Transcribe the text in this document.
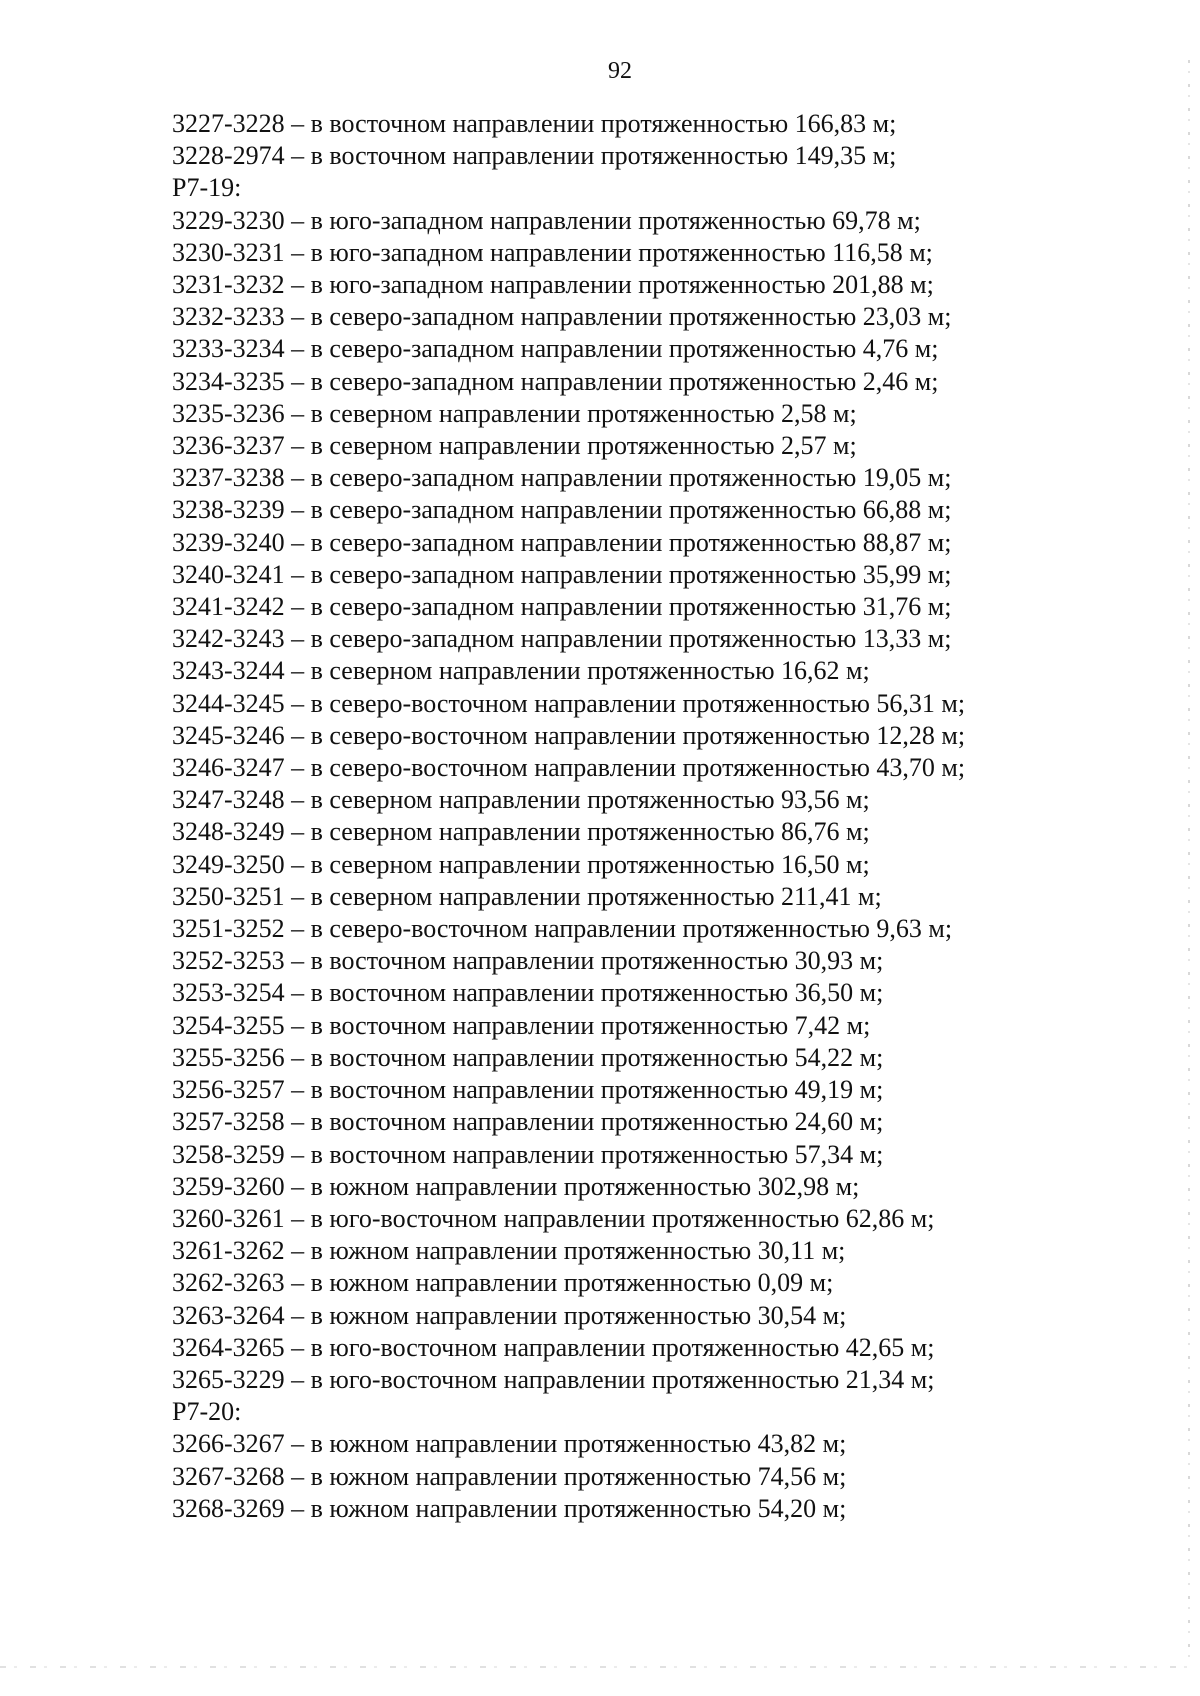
92
3227-3228 – в восточном направлении протяженностью 166,83 м;
3228-2974 – в восточном направлении протяженностью 149,35 м;
Р7-19:
3229-3230 – в юго-западном направлении протяженностью 69,78 м;
3230-3231 – в юго-западном направлении протяженностью 116,58 м;
3231-3232 – в юго-западном направлении протяженностью 201,88 м;
3232-3233 – в северо-западном направлении протяженностью 23,03 м;
3233-3234 – в северо-западном направлении протяженностью 4,76 м;
3234-3235 – в северо-западном направлении протяженностью 2,46 м;
3235-3236 – в северном направлении протяженностью 2,58 м;
3236-3237 – в северном направлении протяженностью 2,57 м;
3237-3238 – в северо-западном направлении протяженностью 19,05 м;
3238-3239 – в северо-западном направлении протяженностью 66,88 м;
3239-3240 – в северо-западном направлении протяженностью 88,87 м;
3240-3241 – в северо-западном направлении протяженностью 35,99 м;
3241-3242 – в северо-западном направлении протяженностью 31,76 м;
3242-3243 – в северо-западном направлении протяженностью 13,33 м;
3243-3244 – в северном направлении протяженностью 16,62 м;
3244-3245 – в северо-восточном направлении протяженностью 56,31 м;
3245-3246 – в северо-восточном направлении протяженностью 12,28 м;
3246-3247 – в северо-восточном направлении протяженностью 43,70 м;
3247-3248 – в северном направлении протяженностью 93,56 м;
3248-3249 – в северном направлении протяженностью 86,76 м;
3249-3250 – в северном направлении протяженностью 16,50 м;
3250-3251 – в северном направлении протяженностью 211,41 м;
3251-3252 – в северо-восточном направлении протяженностью 9,63 м;
3252-3253 – в восточном направлении протяженностью 30,93 м;
3253-3254 – в восточном направлении протяженностью 36,50 м;
3254-3255 – в восточном направлении протяженностью 7,42 м;
3255-3256 – в восточном направлении протяженностью 54,22 м;
3256-3257 – в восточном направлении протяженностью 49,19 м;
3257-3258 – в восточном направлении протяженностью 24,60 м;
3258-3259 – в восточном направлении протяженностью 57,34 м;
3259-3260 – в южном направлении протяженностью 302,98 м;
3260-3261 – в юго-восточном направлении протяженностью 62,86 м;
3261-3262 – в южном направлении протяженностью 30,11 м;
3262-3263 – в южном направлении протяженностью 0,09 м;
3263-3264 – в южном направлении протяженностью 30,54 м;
3264-3265 – в юго-восточном направлении протяженностью 42,65 м;
3265-3229 – в юго-восточном направлении протяженностью 21,34 м;
Р7-20:
3266-3267 – в южном направлении протяженностью 43,82 м;
3267-3268 – в южном направлении протяженностью 74,56 м;
3268-3269 – в южном направлении протяженностью 54,20 м;
